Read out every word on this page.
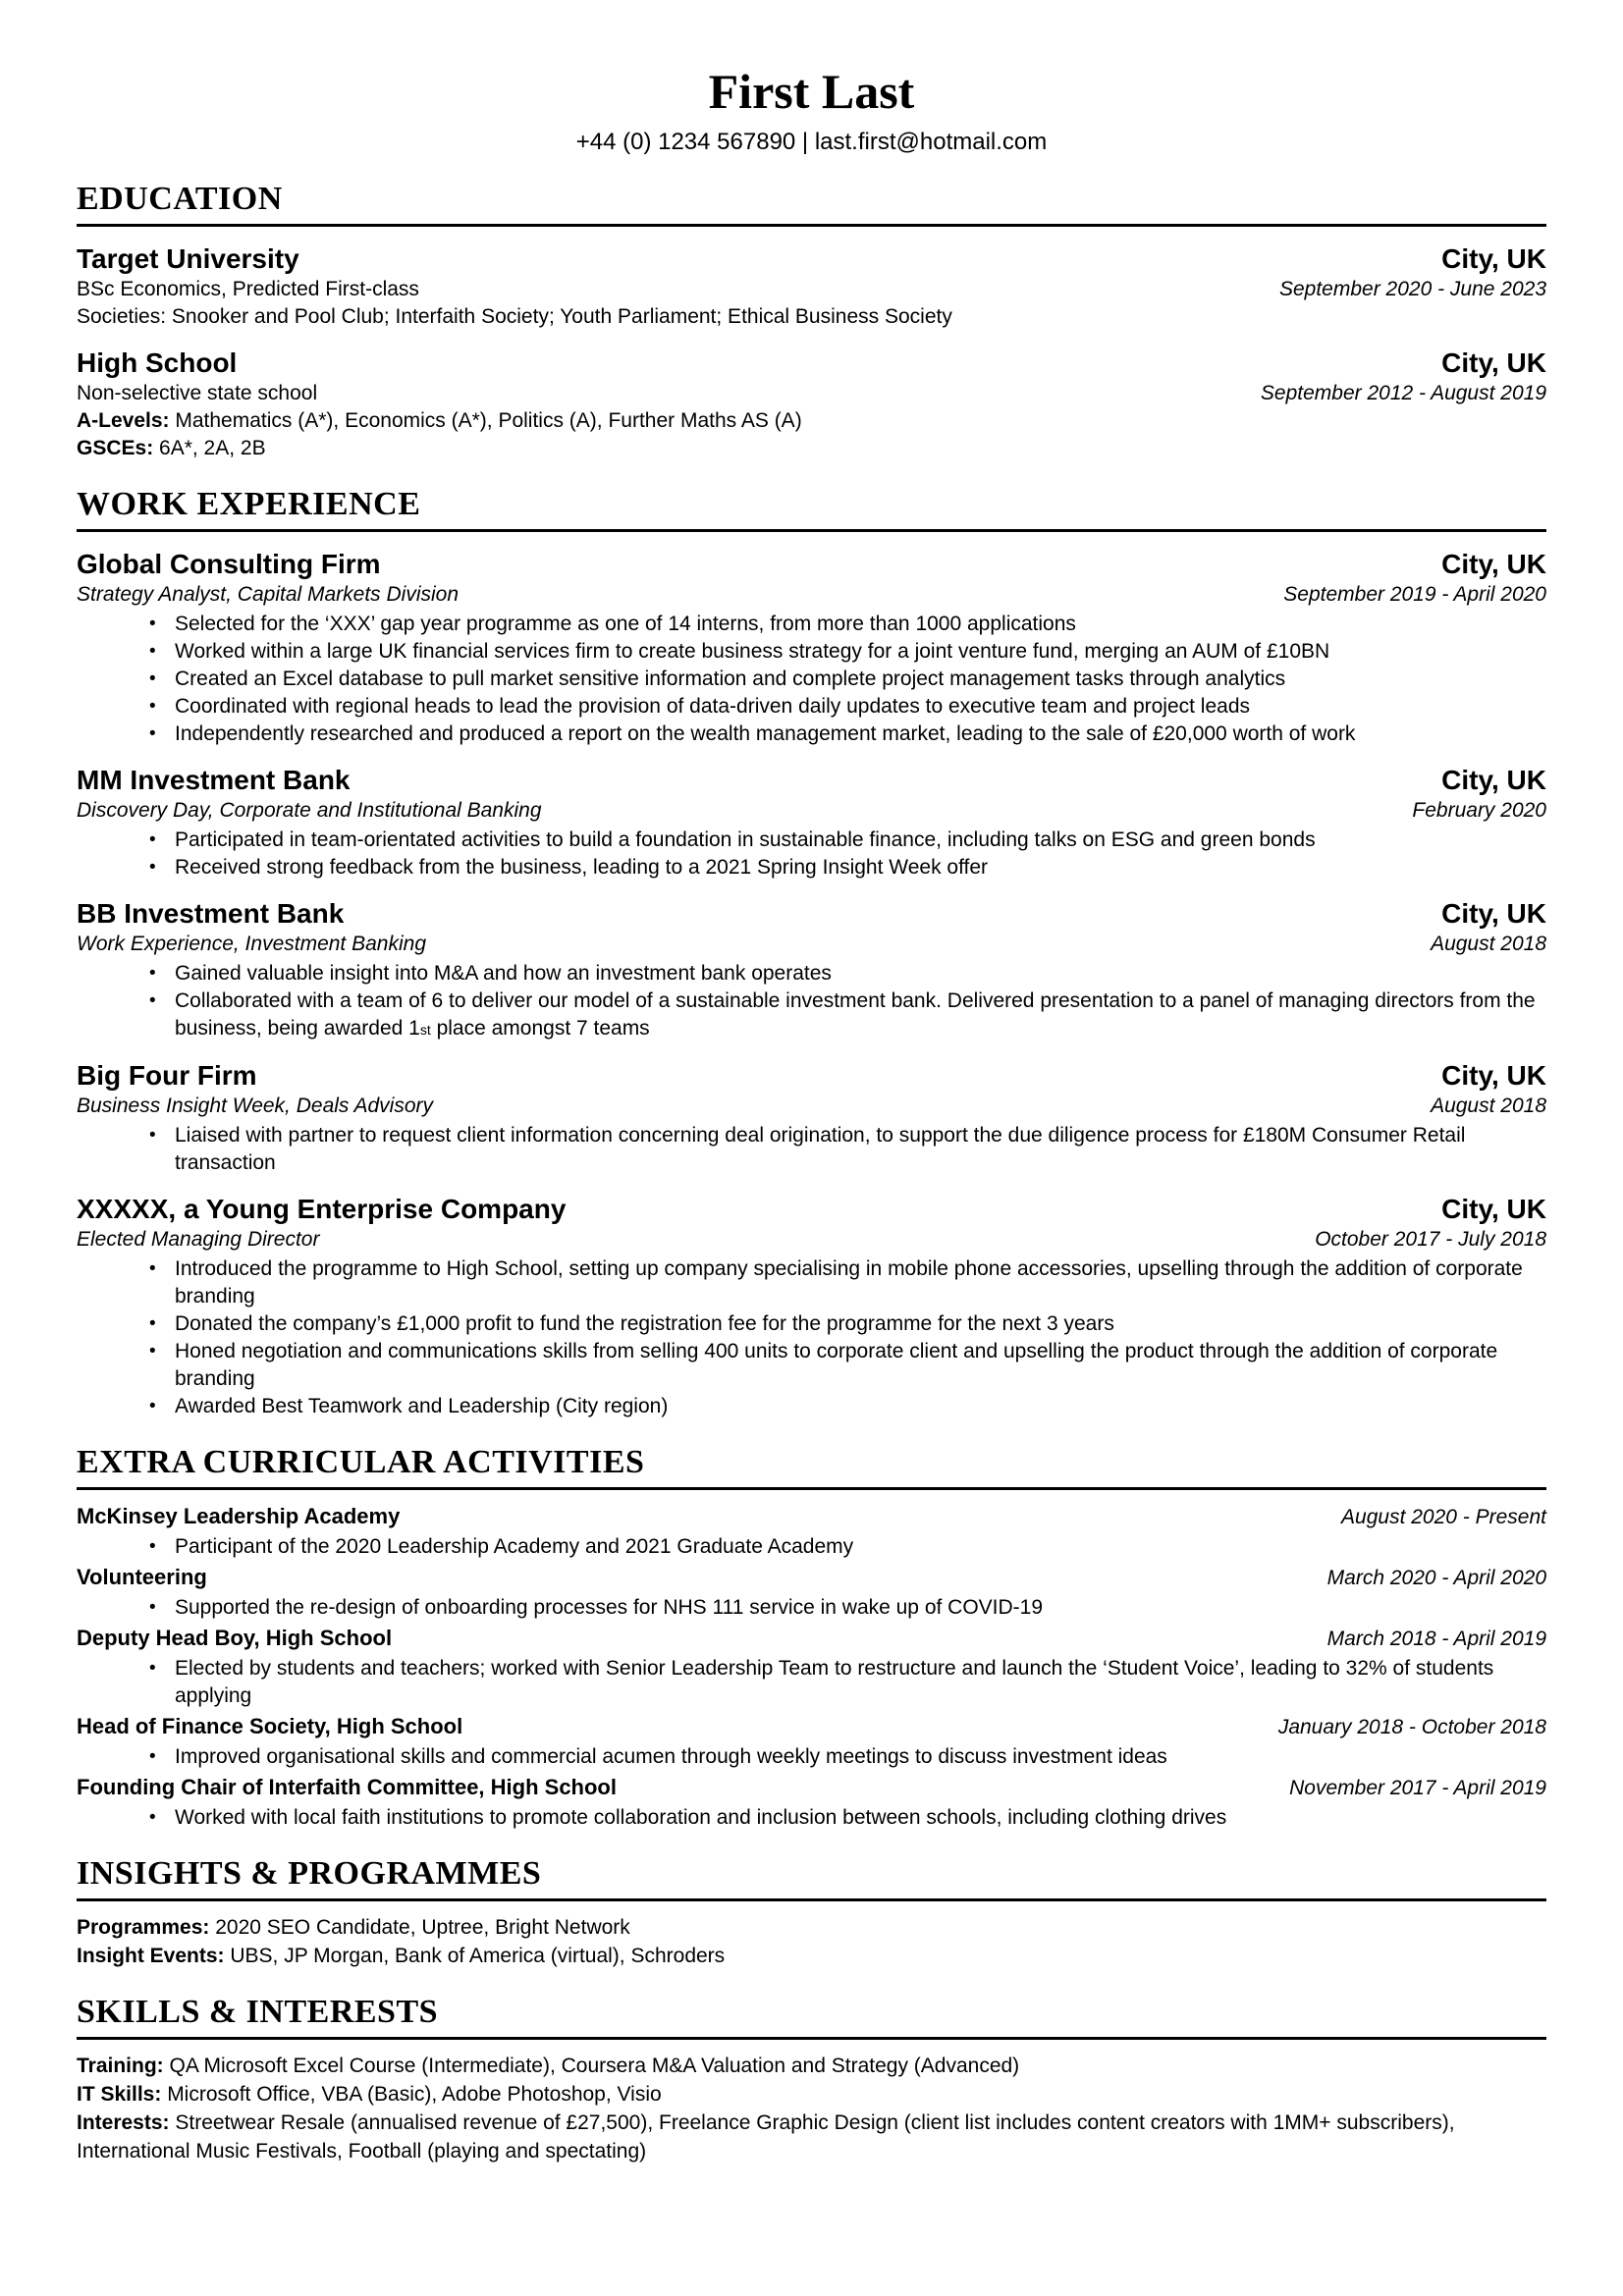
First Last
+44 (0) 1234 567890 | last.first@hotmail.com
EDUCATION
Target University	City, UK
BSc Economics, Predicted First-class	September 2020 - June 2023
Societies: Snooker and Pool Club; Interfaith Society; Youth Parliament; Ethical Business Society
High School	City, UK
Non-selective state school	September 2012 - August 2019
A-Levels: Mathematics (A*), Economics (A*), Politics (A), Further Maths AS (A)
GSCEs: 6A*, 2A, 2B
WORK EXPERIENCE
Global Consulting Firm	City, UK
Strategy Analyst, Capital Markets Division	September 2019 - April 2020
• Selected for the ‘XXX’ gap year programme as one of 14 interns, from more than 1000 applications
• Worked within a large UK financial services firm to create business strategy for a joint venture fund, merging an AUM of £10BN
• Created an Excel database to pull market sensitive information and complete project management tasks through analytics
• Coordinated with regional heads to lead the provision of data-driven daily updates to executive team and project leads
• Independently researched and produced a report on the wealth management market, leading to the sale of £20,000 worth of work
MM Investment Bank	City, UK
Discovery Day, Corporate and Institutional Banking	February 2020
• Participated in team-orientated activities to build a foundation in sustainable finance, including talks on ESG and green bonds
• Received strong feedback from the business, leading to a 2021 Spring Insight Week offer
BB Investment Bank	City, UK
Work Experience, Investment Banking	August 2018
• Gained valuable insight into M&A and how an investment bank operates
• Collaborated with a team of 6 to deliver our model of a sustainable investment bank. Delivered presentation to a panel of managing directors from the business, being awarded 1st place amongst 7 teams
Big Four Firm	City, UK
Business Insight Week, Deals Advisory	August 2018
• Liaised with partner to request client information concerning deal origination, to support the due diligence process for £180M Consumer Retail transaction
XXXXX, a Young Enterprise Company	City, UK
Elected Managing Director	October 2017 - July 2018
• Introduced the programme to High School, setting up company specialising in mobile phone accessories, upselling through the addition of corporate branding
• Donated the company’s £1,000 profit to fund the registration fee for the programme for the next 3 years
• Honed negotiation and communications skills from selling 400 units to corporate client and upselling the product through the addition of corporate branding
• Awarded Best Teamwork and Leadership (City region)
EXTRA CURRICULAR ACTIVITIES
McKinsey Leadership Academy	August 2020 - Present
• Participant of the 2020 Leadership Academy and 2021 Graduate Academy
Volunteering	March 2020 - April 2020
• Supported the re-design of onboarding processes for NHS 111 service in wake up of COVID-19
Deputy Head Boy, High School	March 2018 - April 2019
• Elected by students and teachers; worked with Senior Leadership Team to restructure and launch the ‘Student Voice’, leading to 32% of students applying
Head of Finance Society, High School	January 2018 - October 2018
• Improved organisational skills and commercial acumen through weekly meetings to discuss investment ideas
Founding Chair of Interfaith Committee, High School	November 2017 - April 2019
• Worked with local faith institutions to promote collaboration and inclusion between schools, including clothing drives
INSIGHTS & PROGRAMMES
Programmes: 2020 SEO Candidate, Uptree, Bright Network
Insight Events: UBS, JP Morgan, Bank of America (virtual), Schroders
SKILLS & INTERESTS
Training: QA Microsoft Excel Course (Intermediate), Coursera M&A Valuation and Strategy (Advanced)
IT Skills: Microsoft Office, VBA (Basic), Adobe Photoshop, Visio
Interests: Streetwear Resale (annualised revenue of £27,500), Freelance Graphic Design (client list includes content creators with 1MM+ subscribers), International Music Festivals, Football (playing and spectating)
